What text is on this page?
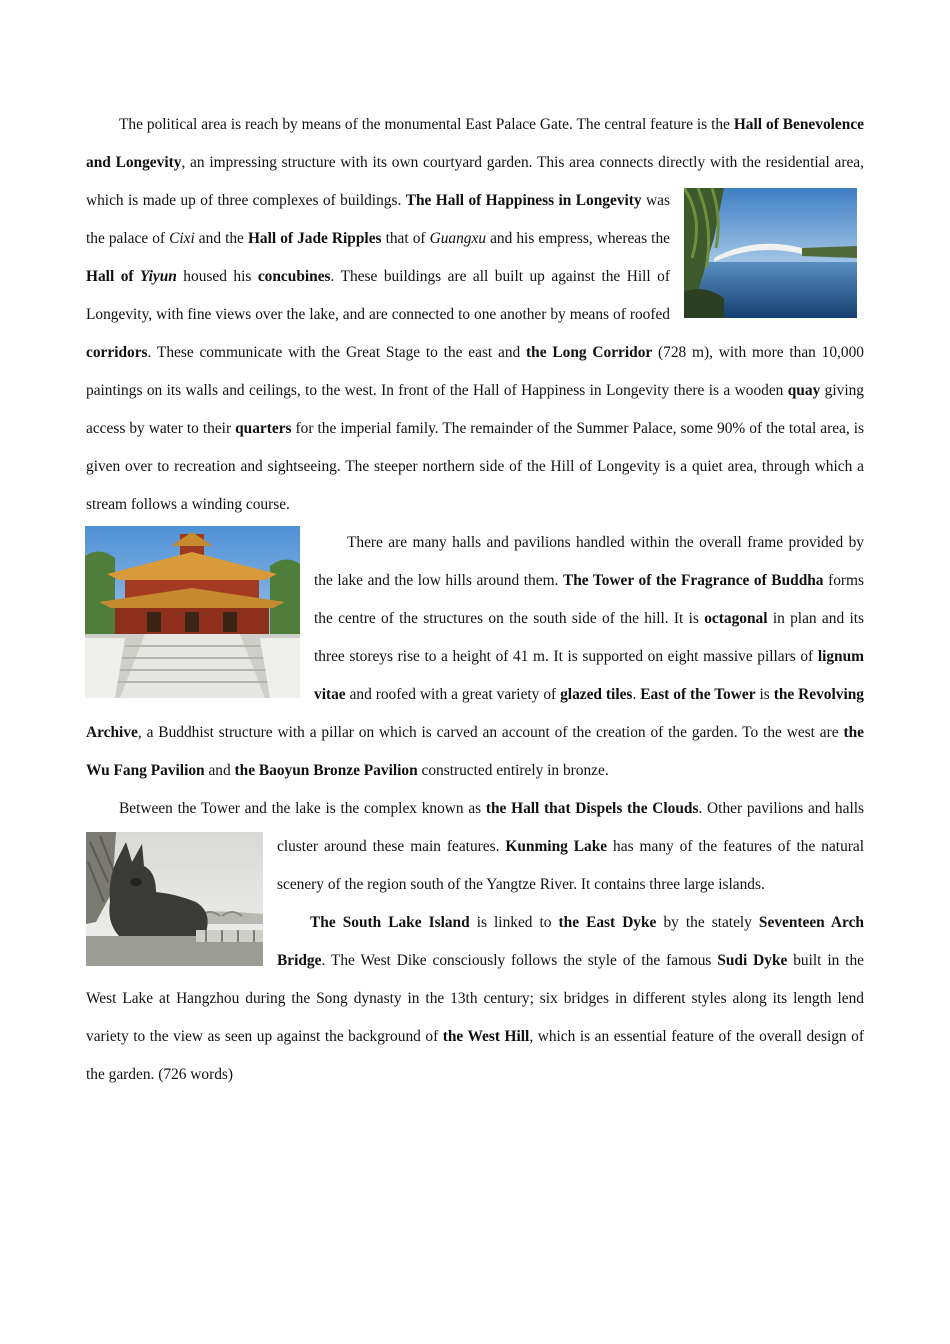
The political area is reach by means of the monumental East Palace Gate. The central feature is the Hall of Benevolence and Longevity, an impressing structure with its own courtyard garden. This area connects directly with the residential area, which is made up of three complexes of buildings. The Hall of Happiness in Longevity
was the palace of Cixi and the Hall of Jade Ripples that of Guangxu and his empress, whereas the Hall of Yiyun housed his concubines. These buildings are all built up against the Hill of Longevity, with fine views over the lake, and are connected to one another by means of roofed corridors. These communicate with the Great Stage to the east and the Long Corridor (728 m), with more than 10,000 paintings on its walls and ceilings, to the west. In front of the Hall of Happiness in Longevity there is a wooden quay giving access by water to their quarters for the imperial family. The remainder of the Summer Palace, some 90% of the total area, is given over to recreation and sightseeing. The steeper northern side of the Hill of Longevity is a quiet area, through which a stream follows a winding course.

There are many halls and pavilions handled within the overall frame provided by the lake and the low hills around them. The Tower of the Fragrance of Buddha forms the centre of the structures on the south side of the hill. It is octagonal in plan and its three storeys rise to a height of 41 m. It is supported on eight massive pillars of lignum vitae and roofed with a great variety of glazed tiles. East of the Tower is the Revolving Archive, a Buddhist structure with a pillar on which is carved an account of the creation of the garden. To the west are the Wu Fang Pavilion and the Baoyun Bronze Pavilion constructed entirely in bronze.

Between the Tower and the lake is the complex known as the Hall that Dispels the Clouds
. Other pavilions and halls cluster around these main features. Kunming Lake has many of the features of the natural scenery of the region south of the Yangtze River. It contains three large islands.

The South Lake Island is linked to the East Dyke by the stately Seventeen Arch Bridge. The West Dike consciously follows the style of the famous Sudi Dyke built in the West Lake at Hangzhou during the Song dynasty in the 13th century; six bridges in different styles along its length lend variety to the view as seen up against the background of the West Hill, which is an essential feature of the overall design of the garden. (726 words)
